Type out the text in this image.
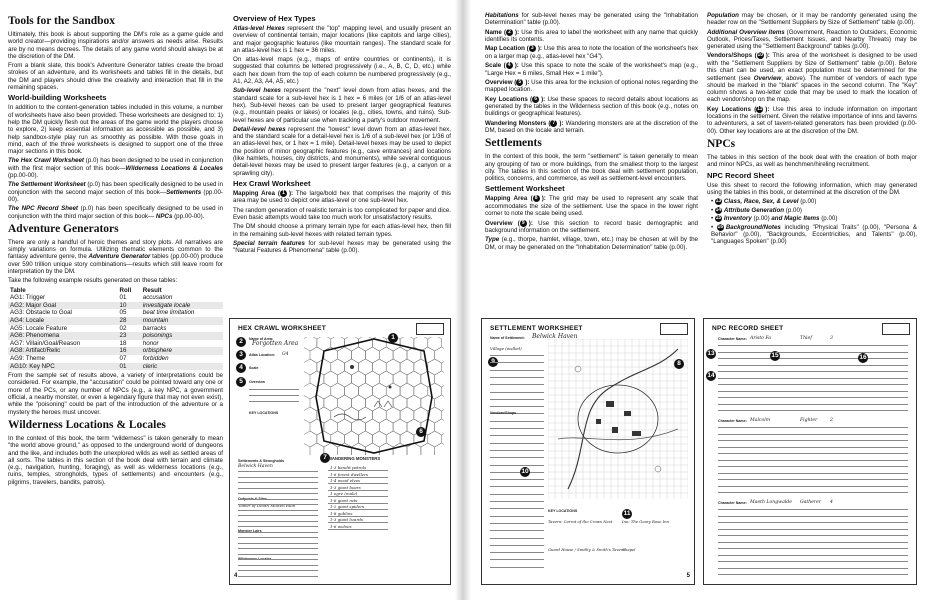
Tools for the Sandbox

Ultimately, this book is about supporting the DM's role as a game guide and world creator—providing inspirations and/or answers as needs arise. Results are by no means decrees. The details of any game world should always be at the discretion of the DM.

From a blank slate, this book's Adventure Generator tables create the broad strokes of an adventure, and its worksheets and tables fill in the details, but the DM and players should drive the creativity and interaction that fill in the remaining spaces.

World-building Worksheets

In addition to the content-generation tables included in this volume, a number of worksheets have also been provided. These worksheets are designed to: 1) help the DM quickly flesh out the areas of the game world the players choose to explore, 2) keep essential information as accessible as possible, and 3) help sandbox-style play run as smoothly as possible. With those goals in mind, each of the three worksheets is designed to support one of the three major sections in this book.

The Hex Crawl Worksheet (p.0) has been designed to be used in conjunction with the first major section of this book—Wilderness Locations & Locales (pp.00-00).

The Settlement Worksheet (p.0) has been specifically designed to be used in conjunction with the second major section of this book—Settlements (pp.00-00).

The NPC Record Sheet (p.0) has been specifically designed to be used in conjunction with the third major section of this book— NPCs (pp.00-00).

Adventure Generators

There are only a handful of heroic themes and story plots. All narratives are simply variations on formula. Utilizing thematic elements common to the fantasy adventure genre, the Adventure Generator tables (pp.00-00) produce over 590 trillion unique story combinations—results which still leave room for interpretation by the DM.

Take the following example results generated on these tables:

Table	Roll	Result
AG1: Trigger	01	accusation
AG2: Major Goal	10	investigate locale
AG3: Obstacle to Goal	05	beat time limitation
AG4: Locale	28	mountain
AG5: Locale Feature	02	barracks
AG6: Phenomena	23	poisonings
AG7: Villain/Goal/Reason	18	honor
AG8: Artifact/Relic	16	orbisphere
AG9: Theme	07	forbidden
AG10: Key NPC	01	cleric

From the sample set of results above, a variety of interpretations could be considered. For example, the "accusation" could be pointed toward any one or more of the PCs, or any number of NPCs (e.g., a key NPC, a government official, a nearby monster, or even a legendary figure that may not even exist), while the "poisoning" could be part of the introduction of the adventure or a mystery the heroes must uncover.

Wilderness Locations & Locales

In the context of this book, the term "wilderness" is taken generally to mean "the world above ground," as opposed to the underground world of dungeons and the like, and includes both the unexplored wilds as well as settled areas of all sorts. The tables in this section of the book deal with terrain and climate (e.g., navigation, hunting, foraging), as well as wilderness locations (e.g., ruins, temples, strongholds, types of settlements) and encounters (e.g., pilgrims, travelers, bandits, patrols).

Overview of Hex Types

Atlas-level Hexes represent the "top" mapping level, and usually present an overview of continental terrain, major locations (like capitols and large cities), and major geographic features (like mountain ranges). The standard scale for an atlas-level hex is 1 hex = 36 miles.

On atlas-level maps (e.g., maps of entire countries or continents), it is suggested that columns be lettered progressively (i.e., A, B, C, D, etc.) while each hex down from the top of each column be numbered progressively (e.g., A1, A2, A3, A4, A5, etc.)

Sub-level hexes represent the "next" level down from atlas hexes, and the standard scale for a sub-level hex is 1 hex = 6 miles (or 1/6 of an atlas-level hex). Sub-level hexes can be used to present larger geographical features (e.g., mountain peaks or lakes) or locales (e.g., cities, towns, and ruins). Sub-level hexes are of particular use when tracking a party's outdoor movement.

Detail-level hexes represent the "lowest" level down from an atlas-level hex, and the standard scale for a detail-level hex is 1/6 of a sub-level hex (or 1/36 of an atlas-level hex, or 1 hex = 1 mile). Detail-level hexes may be used to depict the position of minor geographic features (e.g., cave entrances) and locations (like hamlets, houses, city districts, and monuments), while several contiguous detail-level hexes may be used to present larger features (e.g., a canyon or a sprawling city).

Hex Crawl Worksheet

Mapping Area ( 1 ): The large/bold hex that comprises the majority of this area may be used to depict one atlas-level or one sub-level hex.

The random generation of realistic terrain is too complicated for paper and dice. Even basic attempts would take too much work for unsatisfactory results.

The DM should choose a primary terrain type for each atlas-level hex, then fill in the remaining sub-level hexes with related terrain types.

Special terrain features for sub-level hexes may be generated using the "Natural Features & Phenomena" table (p.00).

HEX CRAWL WORKSHEET
2	Name of Area:
Forgotten Area
3	Atlas Location: G4
4	Scale
5	Overview
KEY LOCATIONS
1
7
6
Settlements & Strongholds
Belwick Haven
Outposts & Sites
Tower of Death Molten Ruin
Monster Lairs
Wilderness Locales
WANDERING MONSTERS
1-3 bandit patrols
1-6 forest dwellers
1-4 wood elves
1-3 giant boars
1 ogre (male)
1-6 giant rats
1-2 giant spiders
1-8 goblins
1-3 giant lizards
1-6 wolves
4

Habitations for sub-level hexes may be generated using the "Inhabitation Determination" table (p.00).

Name ( 2 ): Use this area to label the worksheet with any name that quickly identifies its contents.

Map Location ( 3 ): Use this area to note the location of the worksheet's hex on a larger map (e.g., atlas-level hex "G4").

Scale ( 4 ): Use this space to note the scale of the worksheet's map (e.g., "Large Hex = 6 miles, Small Hex = 1 mile").

Overview ( 5 ): Use this area for the inclusion of optional notes regarding the mapped location.

Key Locations ( 6 ): Use these spaces to record details about locations as generated by the tables in the Wilderness section of this book (e.g., notes on buildings or geographical features).

Wandering Monsters ( 7 ): Wandering monsters are at the discretion of the DM, based on the locale and terrain.

Settlements

In the context of this book, the term "settlement" is taken generally to mean any grouping of two or more buildings, from the smallest thorp to the largest city. The tables in this section of the book deal with settlement population, politics, concerns, and commerce, as well as settlement-level encounters.

Settlement Worksheet

Mapping Area ( 8 ): The grid may be used to represent any scale that accommodates the size of the settlement. Use the space in the lower right corner to note the scale being used.

Overview ( 9 ): Use this section to record basic demographic and background information on the settlement.

Type (e.g., thorpe, hamlet, village, town, etc.) may be chosen at will by the DM, or may be generated on the "Inhabitation Determination" table (p.00).

Population may be chosen, or it may be randomly generated using the header row on the "Settlement Suppliers by Size of Settlement" table (p.00).

Additional Overview items (Government, Reaction to Outsiders, Economic Outlook, Prices/Taxes, Settlement Issues, and Nearby Threats) may be generated using the "Settlement Background" tables (p.00).

Vendors/Shops (10 ): This area of the worksheet is designed to be used with the "Settlement Suppliers by Size of Settlement" table (p.00). Before this chart can be used, an exact population must be determined for the settlement (see Overview, above). The number of vendors of each type should be marked in the "blank" spaces in the second column. The "Key" column shows a two-letter code that may be used to mark the location of each vendor/shop on the map.

Key Locations (11 ): Use this area to include information on important locations in the settlement. Given the relative importance of inns and taverns to adventurers, a set of tavern-related generators has been provided (p.00-00). Other key locations are at the discretion of the DM.

NPCs

The tables in this section of the book deal with the creation of both major and minor NPCs, as well as henchmen/hireling recruitment.

NPC Record Sheet

Use this sheet to record the following information, which may generated using the tables in this book, or determined at the discretion of the DM.

• 13 Class, Race, Sex, & Level (p.00)
• 14 Attribute Generation (p.00)
• 15 Inventory (p.00) and Magic Items (p.00)
• 16 Background/Notes including "Physical Traits" (p.00), "Persona & Behavior" (p.00), "Backgrounds, Eccentricities, and Talents" (p.00), "Languages Spoken" (p.00)
SETTLEMENT WORKSHEET
Name of Settlement: Belwick Haven
Village (walled)
9
Vendors/Shops
10
8
11
KEY LOCATIONS
Tavern: Carrot of the Crows Nest	Inn: The Geary Rose Inn
Guard House / Smithy & Smith's Tavern
Chapel
5
NPC RECORD SHEET
Character Name: Aristo Fa	Thief	3
Character Name: Malcolm	Fighter	2
Character Name: Maeth Longwalde Gatherer 4
13
14
15	16
